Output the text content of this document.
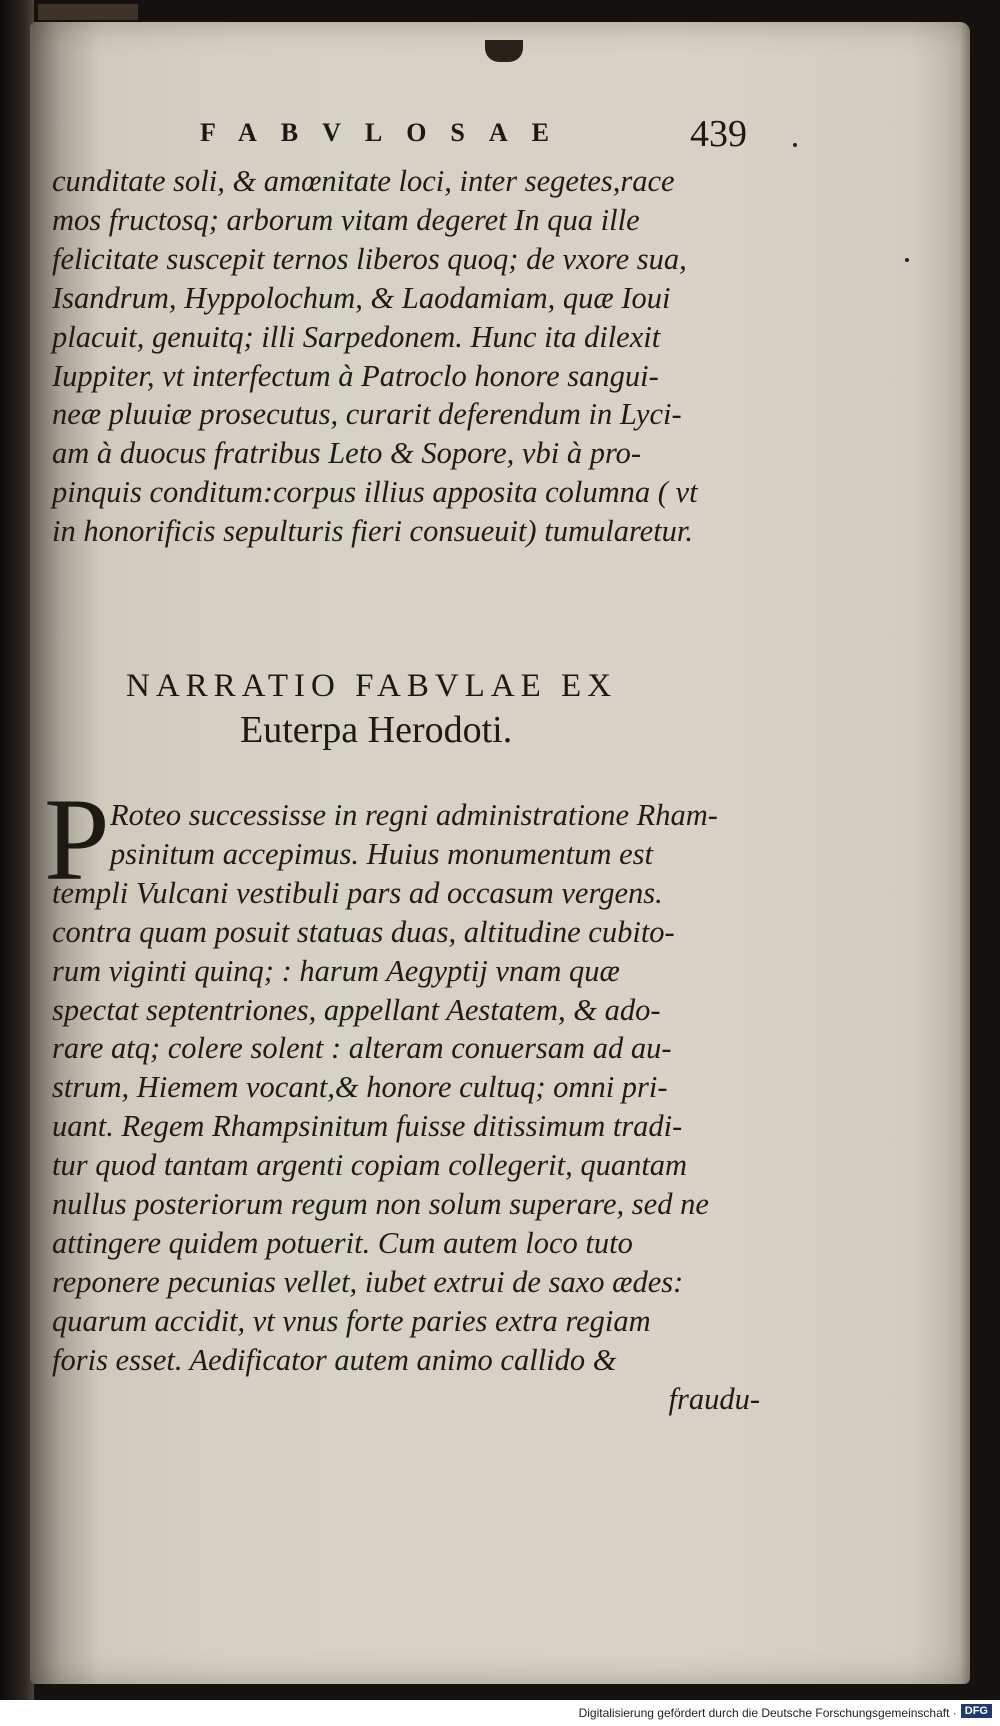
FABVLOSAE	439
cunditate soli, & amœnitate loci, inter segetes,race
mos fructosq; arborum vitam degeret In qua ille
felicitate suscepit ternos liberos quoq; de vxore sua,
Isandrum, Hyppolochum, & Laodamiam, quæ Ioui
placuit, genuitq; illi Sarpedonem. Hunc ita dilexit
Iuppiter, vt interfectum à Patroclo honore sangui-
neæ pluuiæ prosecutus, curarit deferendum in Lyci-
am à duocus fratribus Leto & Sopore, vbi à pro-
pinquis conditum:corpus illius apposita columna ( vt
in honorificis sepulturis fieri consueuit) tumularetur.
NARRATIO FABVLAE EX
Euterpa Herodoti.
P Roteo successisse in regni administratione Rham-
psinitum accepimus. Huius monumentum est
templi Vulcani vestibuli pars ad occasum vergens.
contra quam posuit statuas duas, altitudine cubito-
rum viginti quinq; : harum Aegyptij vnam quæ
spectat septentriones, appellant Aestatem, & ado-
rare atq; colere solent : alteram conuersam ad au-
strum, Hiemem vocant,& honore cultuq; omni pri-
uant. Regem Rhampsinitum fuisse ditissimum tradi-
tur quod tantam argenti copiam collegerit, quantam
nullus posteriorum regum non solum superare, sed ne
attingere quidem potuerit. Cum autem loco tuto
reponere pecunias vellet, iubet extrui de saxo ædes:
quarum accidit, vt vnus forte paries extra regiam
foris esset. Aedificator autem animo callido &
fraudu-
Digitalisierung gefördert durch die Deutsche Forschungsgemeinschaft · DFG
